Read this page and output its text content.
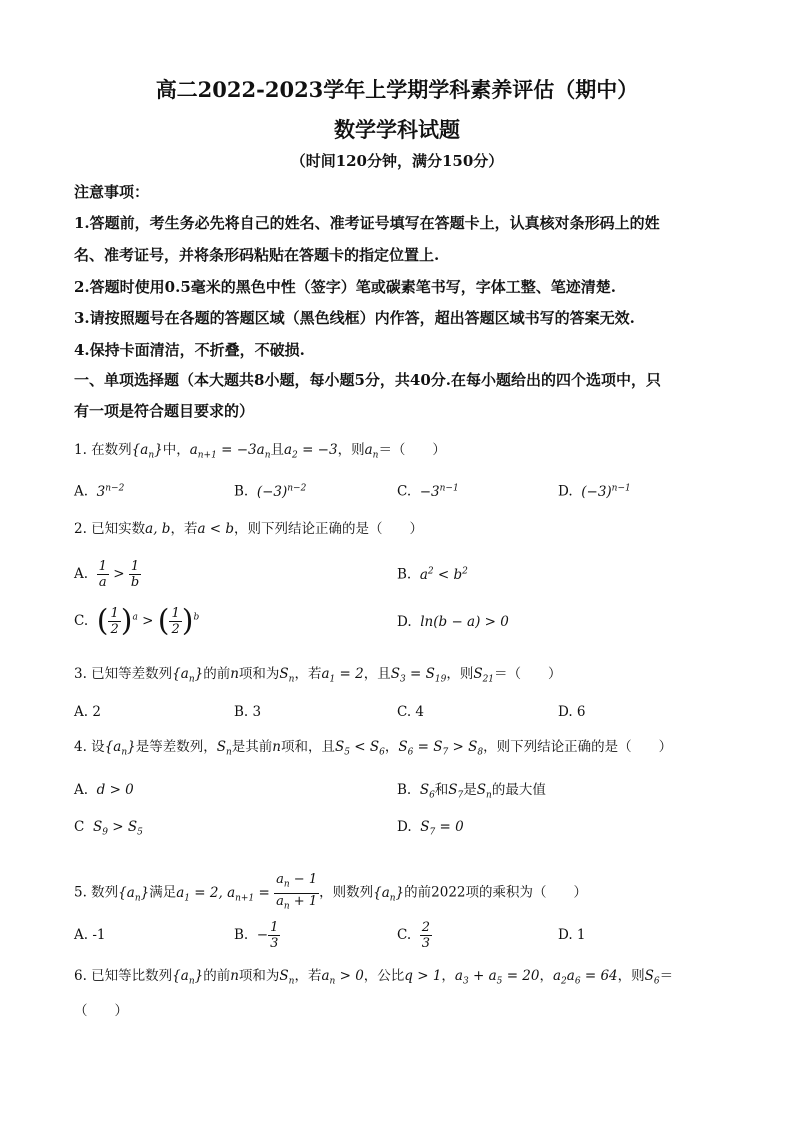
高二2022-2023学年上学期学科素养评估（期中）
数学学科试题
（时间120分钟，满分150分）
注意事项：
1.答题前，考生务必先将自己的姓名、准考证号填写在答题卡上，认真核对条形码上的姓
名、准考证号，并将条形码粘贴在答题卡的指定位置上.
2.答题时使用0.5毫米的黑色中性（签字）笔或碳素笔书写，字体工整、笔迹清楚.
3.请按照题号在各题的答题区域（黑色线框）内作答，超出答题区域书写的答案无效.
4.保持卡面清洁，不折叠，不破损.
一、单项选择题（本大题共8小题，每小题5分，共40分.在每小题给出的四个选项中，只
有一项是符合题目要求的）
1. 在数列$\{a_n\}$中，$a_{n+1} = -3a_n$且$a_2 = -3$，则$a_n=$（　　）
A. $3^{n-2}$	B. $(-3)^{n-2}$	C. $-3^{n-1}$	D. $(-3)^{n-1}$
2. 已知实数a, b，若a < b，则下列结论正确的是（　　）
A. $\frac{1}{a} > \frac{1}{b}$	B. $a^2 < b^2$
C. ( $\frac{1}{2} )^a$ > ( $\frac{1}{2} )^b$	D. ln(b − a) > 0
3. 已知等差数列$\{a_n\}$的前n项和为$S_n$，若$a_1 = 2$，且$S_3 = S_{19}$，则$S_{21}=$（　　）
A. 2	B. 3	C. 4	D. 6
4. 设$\{a_n\}$是等差数列，$S_n$是其前n项和，且$S_5 < S_6$，$S_6 = S_7 > S_8$，则下列结论正确的是（　　）
A. d > 0	B. $S_6$和$S_7$是$S_n$的最大值
C $S_9 > S_5$	D. $S_7 = 0$
5. 数列$\{a_n\}$满足$a_1 = 2$, $a_{n+1} = \frac{a_n - 1}{a_n + 1}$ ，则数列$\{a_n\}$的前2022项的乘积为（　　）
A. -1	B.  − $\frac{1}{3}$	C. $\frac{2}{3}$	D. 1
6. 已知等比数列$\{a_n\}$的前n项和为$S_n$，若$a_n > 0$，公比q > 1，$a_3 + a_5 = 20$，$a_2a_6 = 64$，则$S_6=$
（　　）
